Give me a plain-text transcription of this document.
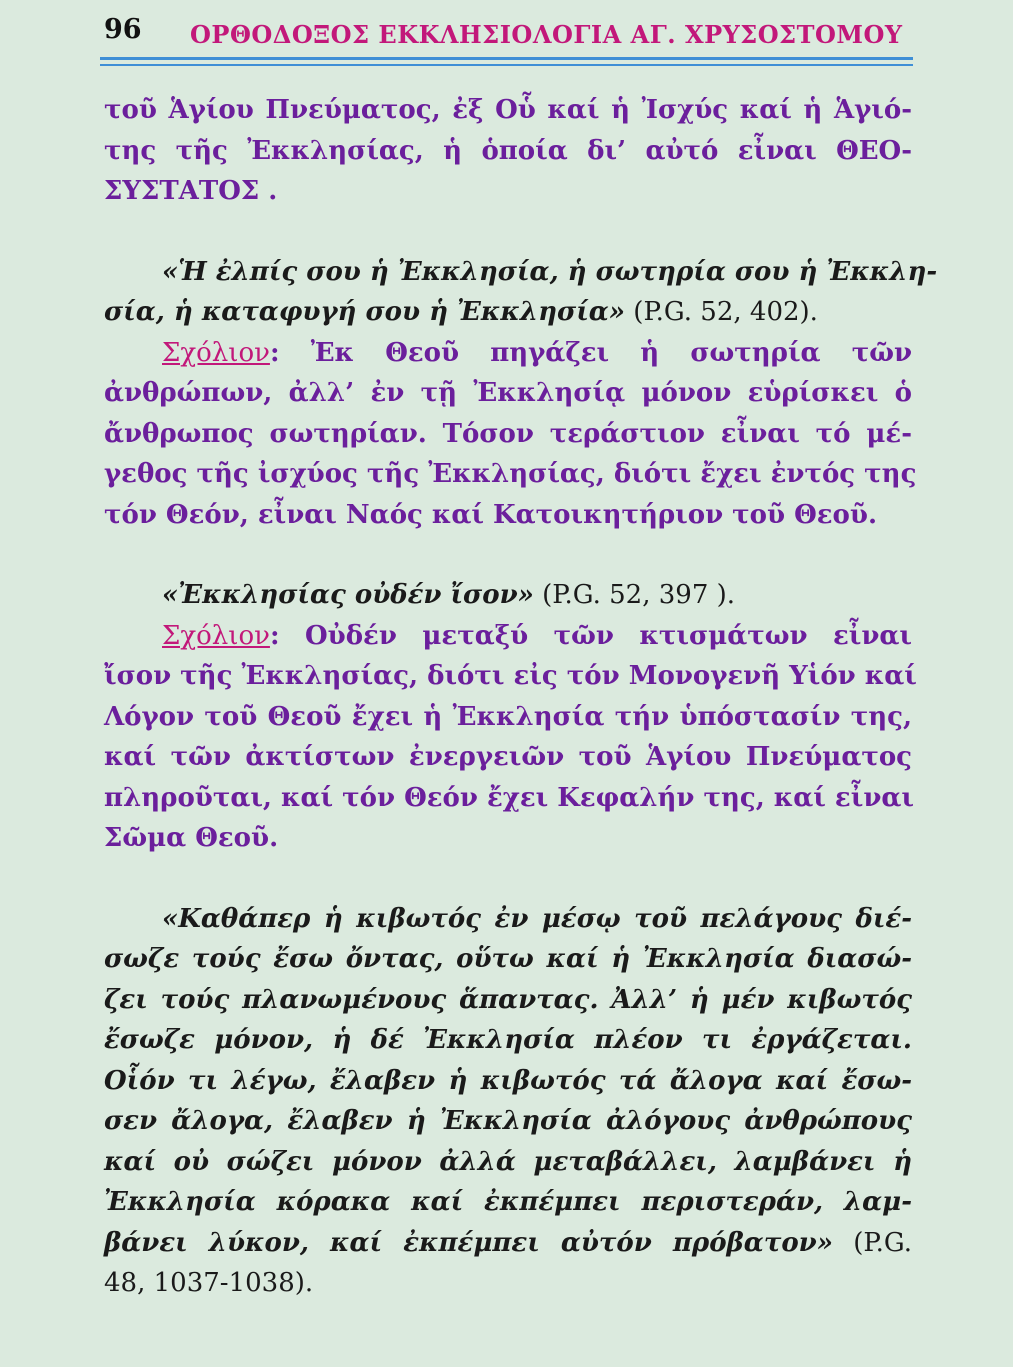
96 ΟΡΘΟΔΟΞΟΣ ΕΚΚΛΗΣΙΟΛΟΓΙΑ ΑΓ. ΧΡΥΣΟΣΤΟΜΟΥ
τοῦ Ἁγίου Πνεύματος, ἐξ Οὗ καί ἡ Ἰσχύς καί ἡ Ἁγιό-
της τῆς Ἐκκλησίας, ἡ ὁποία δι’ αὐτό εἶναι ΘΕΟ-
ΣΥΣΤΑΤΟΣ .
«Ἡ ἐλπίς σου ἡ Ἐκκλησία, ἡ σωτηρία σου ἡ Ἐκκλη-
σία, ἡ καταφυγή σου ἡ Ἐκκλησία» (P.G. 52, 402).
Σχόλιον: Ἐκ Θεοῦ πηγάζει ἡ σωτηρία τῶν
ἀνθρώπων, ἀλλ’ ἐν τῇ Ἐκκλησίᾳ μόνον εὑρίσκει ὁ
ἄνθρωπος σωτηρίαν. Τόσον τεράστιον εἶναι τό μέ-
γεθος τῆς ἰσχύος τῆς Ἐκκλησίας, διότι ἔχει ἐντός της
τόν Θεόν, εἶναι Ναός καί Κατοικητήριον τοῦ Θεοῦ.
«Ἐκκλησίας οὐδέν ἴσον» (P.G. 52, 397 ).
Σχόλιον: Οὐδέν μεταξύ τῶν κτισμάτων εἶναι
ἴσον τῆς Ἐκκλησίας, διότι εἰς τόν Μονογενῆ Υἱόν καί
Λόγον τοῦ Θεοῦ ἔχει ἡ Ἐκκλησία τήν ὑπόστασίν της,
καί τῶν ἀκτίστων ἐνεργειῶν τοῦ Ἁγίου Πνεύματος
πληροῦται, καί τόν Θεόν ἔχει Κεφαλήν της, καί εἶναι
Σῶμα Θεοῦ.
«Καθάπερ ἡ κιβωτός ἐν μέσῳ τοῦ πελάγους διέ-
σωζε τούς ἔσω ὄντας, οὕτω καί ἡ Ἐκκλησία διασώ-
ζει τούς πλανωμένους ἅπαντας. Ἀλλ’ ἡ μέν κιβωτός
ἔσωζε μόνον, ἡ δέ Ἐκκλησία πλέον τι ἐργάζεται.
Οἷόν τι λέγω, ἔλαβεν ἡ κιβωτός τά ἄλογα καί ἔσω-
σεν ἄλογα, ἔλαβεν ἡ Ἐκκλησία ἀλόγους ἀνθρώπους
καί οὐ σώζει μόνον ἀλλά μεταβάλλει, λαμβάνει ἡ
Ἐκκλησία κόρακα καί ἐκπέμπει περιστεράν, λαμ-
βάνει λύκον, καί ἐκπέμπει αὐτόν πρόβατον» (P.G.
48, 1037-1038).
